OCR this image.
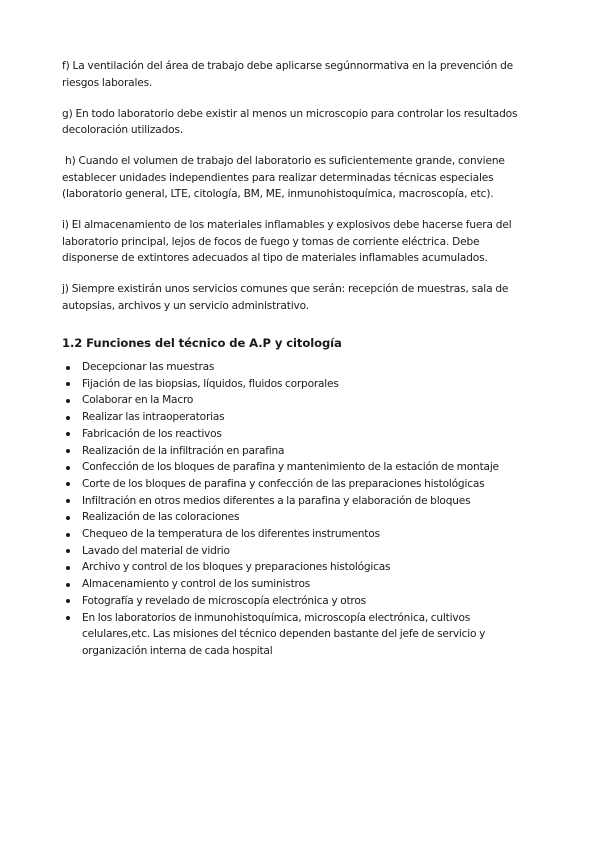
f) La ventilación del área de trabajo debe aplicarse segúnnormativa en la prevención de riesgos laborales.

g) En todo laboratorio debe existir al menos un microscopio para controlar los resultados decoloración utilizados.

h) Cuando el volumen de trabajo del laboratorio es suficientemente grande, conviene establecer unidades independientes para realizar determinadas técnicas especiales (laboratorio general, LTE, citología, BM, ME, inmunohistoquímica, macroscopía, etc).

i) El almacenamiento de los materiales inflamables y explosivos debe hacerse fuera del laboratorio principal, lejos de focos de fuego y tomas de corriente eléctrica. Debe disponerse de extintores adecuados al tipo de materiales inflamables acumulados.

j) Siempre existirán unos servicios comunes que serán: recepción de muestras, sala de autopsias, archivos y un servicio administrativo.

1.2 Funciones del técnico de A.P y citología
Decepcionar las muestras
Fijación de las biopsias, líquidos, fluidos corporales
Colaborar en la Macro
Realizar las intraoperatorias
Fabricación de los reactivos
Realización de la infiltración en parafina
Confección de los bloques de parafina y mantenimiento de la estación de montaje
Corte de los bloques de parafina y confección de las preparaciones histológicas
Infiltración en otros medios diferentes a la parafina y elaboración de bloques
Realización de las coloraciones
Chequeo de la temperatura de los diferentes instrumentos
Lavado del material de vidrio
Archivo y control de los bloques y preparaciones histológicas
Almacenamiento y control de los suministros
Fotografía y revelado de microscopía electrónica y otros
En los laboratorios de inmunohistoquímica, microscopía electrónica, cultivos celulares,etc. Las misiones del técnico dependen bastante del jefe de servicio y organización interna de cada hospital
